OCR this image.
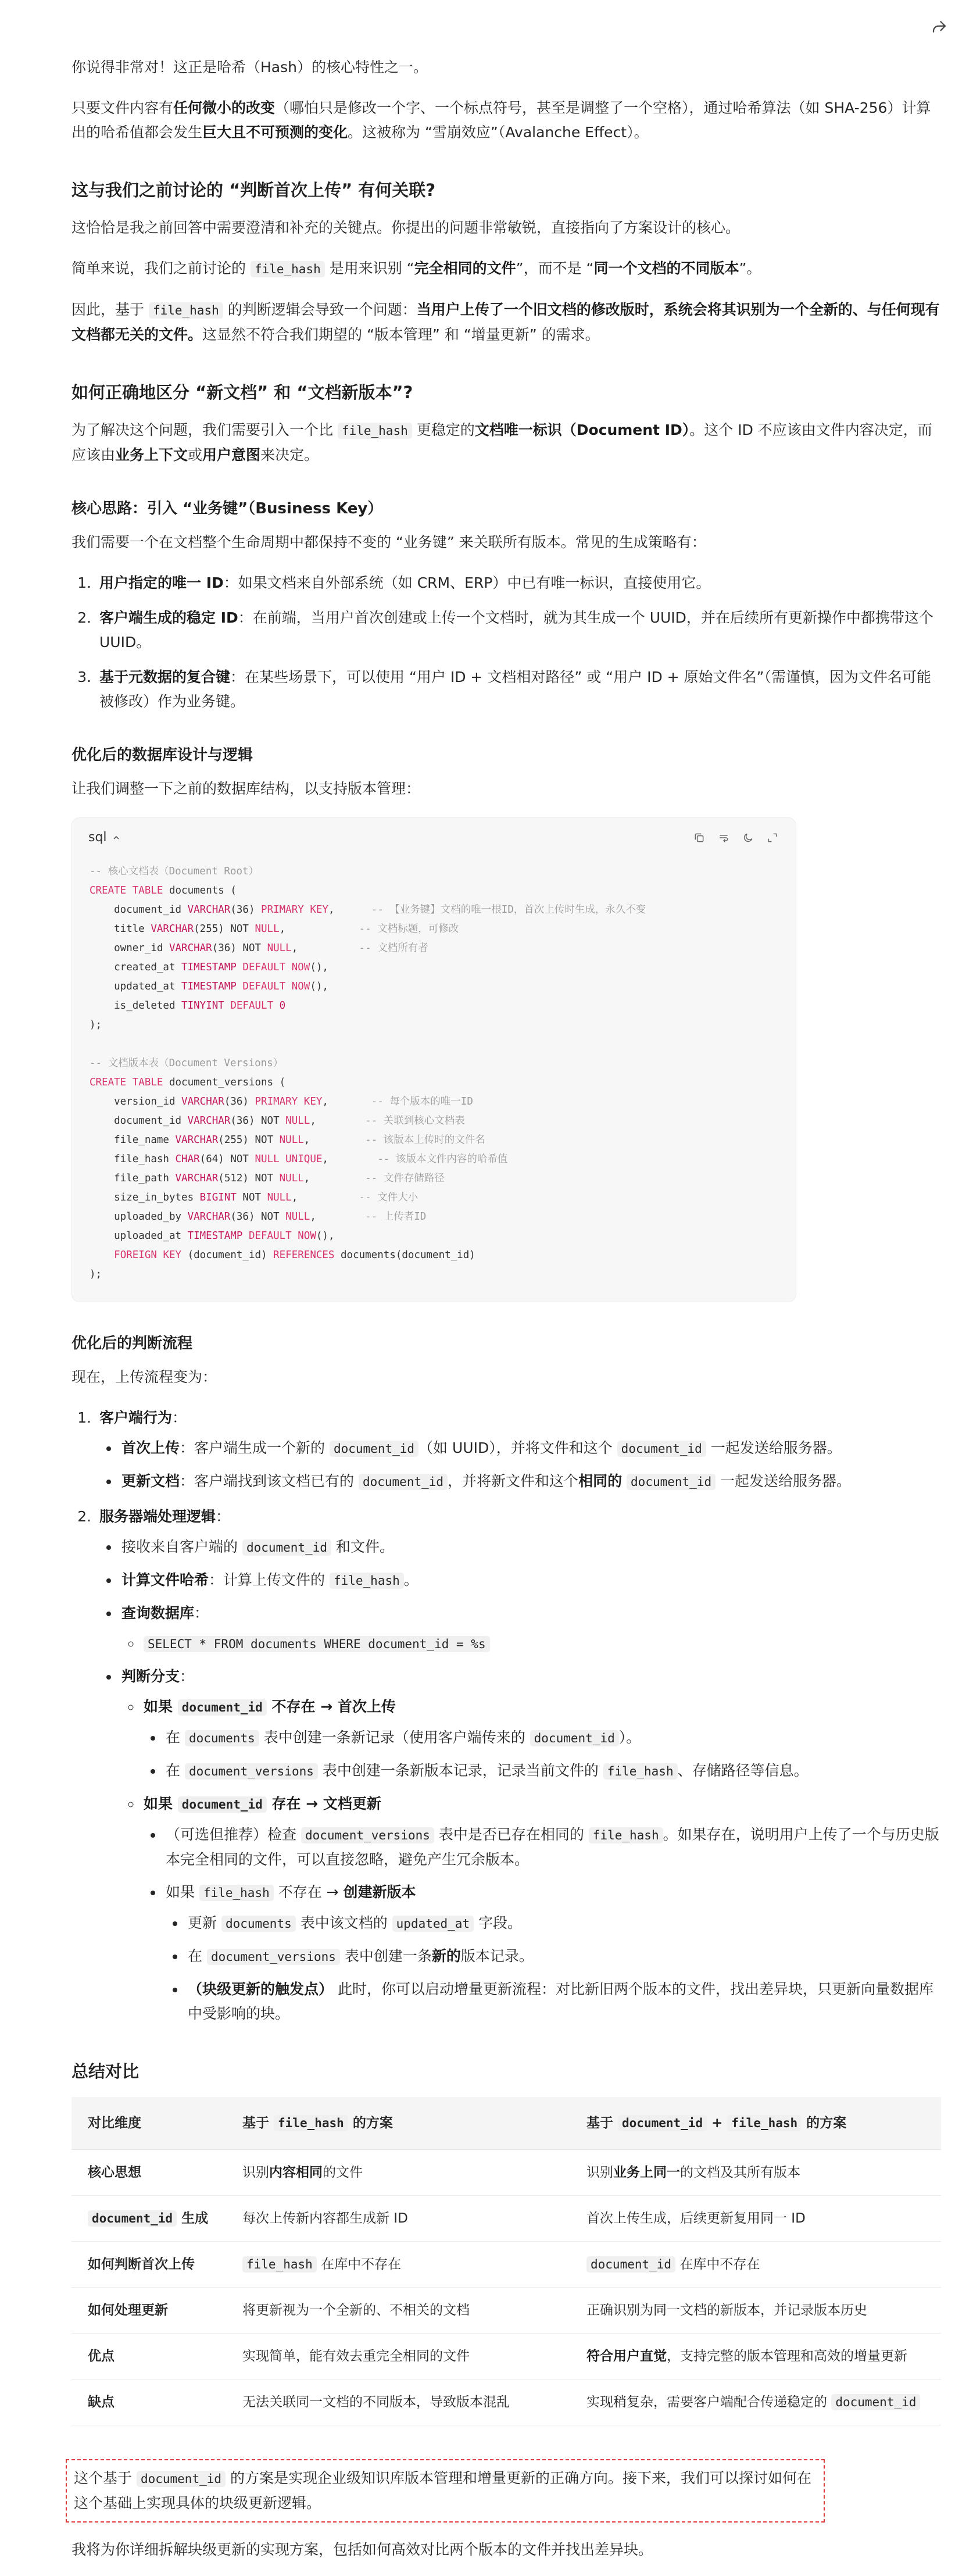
你说得非常对！这正是哈希（Hash）的核心特性之一。

只要文件内容有任何微小的改变（哪怕只是修改一个字、一个标点符号，甚至是调整了一个空格），通过哈希算法（如 SHA-256）计算出的哈希值都会发生巨大且不可预测的变化。这被称为 “雪崩效应”（Avalanche Effect）。

这与我们之前讨论的 “判断首次上传” 有何关联?

这恰恰是我之前回答中需要澄清和补充的关键点。你提出的问题非常敏锐，直接指向了方案设计的核心。

简单来说，我们之前讨论的 file_hash 是用来识别 “完全相同的文件”，而不是 “同一个文档的不同版本”。

因此，基于 file_hash 的判断逻辑会导致一个问题：当用户上传了一个旧文档的修改版时，系统会将其识别为一个全新的、与任何现有文档都无关的文件。这显然不符合我们期望的 “版本管理” 和 “增量更新” 的需求。

如何正确地区分 “新文档” 和 “文档新版本”?

为了解决这个问题，我们需要引入一个比 file_hash 更稳定的文档唯一标识（Document ID）。这个 ID 不应该由文件内容决定，而应该由业务上下文或用户意图来决定。

核心思路：引入 “业务键”（Business Key）

我们需要一个在文档整个生命周期中都保持不变的 “业务键” 来关联所有版本。常见的生成策略有：

1. 用户指定的唯一 ID：如果文档来自外部系统（如 CRM、ERP）中已有唯一标识，直接使用它。
2. 客户端生成的稳定 ID：在前端，当用户首次创建或上传一个文档时，就为其生成一个 UUID，并在后续所有更新操作中都携带这个 UUID。
3. 基于元数据的复合键：在某些场景下，可以使用 “用户 ID + 文档相对路径” 或 “用户 ID + 原始文件名”（需谨慎，因为文件名可能被修改）作为业务键。
优化后的数据库设计与逻辑

让我们调整一下之前的数据库结构，以支持版本管理：

sql
-- 核心文档表（Document Root）
CREATE TABLE documents (
document_id VARCHAR(36) PRIMARY KEY,      -- 【业务键】文档的唯一根ID，首次上传时生成，永久不变
title VARCHAR(255) NOT NULL,            -- 文档标题，可修改
owner_id VARCHAR(36) NOT NULL,          -- 文档所有者
created_at TIMESTAMP DEFAULT NOW(),
updated_at TIMESTAMP DEFAULT NOW(),
is_deleted TINYINT DEFAULT 0
);

-- 文档版本表（Document Versions）
CREATE TABLE document_versions (
version_id VARCHAR(36) PRIMARY KEY,       -- 每个版本的唯一ID
document_id VARCHAR(36) NOT NULL,        -- 关联到核心文档表
file_name VARCHAR(255) NOT NULL,         -- 该版本上传时的文件名
file_hash CHAR(64) NOT NULL UNIQUE,        -- 该版本文件内容的哈希值
file_path VARCHAR(512) NOT NULL,         -- 文件存储路径
size_in_bytes BIGINT NOT NULL,          -- 文件大小
uploaded_by VARCHAR(36) NOT NULL,        -- 上传者ID
uploaded_at TIMESTAMP DEFAULT NOW(),
FOREIGN KEY (document_id) REFERENCES documents(document_id)
);
优化后的判断流程

现在，上传流程变为：

1. 客户端行为：
• 首次上传：客户端生成一个新的 document_id （如 UUID），并将文件和这个 document_id 一起发送给服务器。
• 更新文档：客户端找到该文档已有的 document_id ，并将新文件和这个相同的 document_id 一起发送给服务器。
2. 服务器端处理逻辑：
• 接收来自客户端的 document_id 和文件。
• 计算文件哈希：计算上传文件的 file_hash 。
• 查询数据库：
◦ SELECT * FROM documents WHERE document_id = %s
• 判断分支：
◦ 如果 document_id 不存在 → 首次上传
• 在 documents 表中创建一条新记录（使用客户端传来的 document_id ）。
• 在 document_versions 表中创建一条新版本记录，记录当前文件的 file_hash 、存储路径等信息。
◦ 如果 document_id 存在 → 文档更新
• （可选但推荐）检查 document_versions 表中是否已存在相同的 file_hash 。如果存在，说明用户上传了一个与历史版本完全相同的文件，可以直接忽略，避免产生冗余版本。
• 如果 file_hash 不存在 → 创建新版本
• 更新 documents 表中该文档的 updated_at 字段。
• 在 document_versions 表中创建一条新的版本记录。
• （块级更新的触发点） 此时，你可以启动增量更新流程：对比新旧两个版本的文件，找出差异块，只更新向量数据库中受影响的块。
总结对比
对比维度	基于 file_hash 的方案	基于 document_id + file_hash 的方案
核心思想	识别内容相同的文件	识别业务上同一的文档及其所有版本
document_id 生成	每次上传新内容都生成新 ID	首次上传生成，后续更新复用同一 ID
如何判断首次上传	file_hash 在库中不存在	document_id 在库中不存在
如何处理更新	将更新视为一个全新的、不相关的文档	正确识别为同一文档的新版本，并记录版本历史
优点	实现简单，能有效去重完全相同的文件	符合用户直觉，支持完整的版本管理和高效的增量更新
缺点	无法关联同一文档的不同版本，导致版本混乱	实现稍复杂，需要客户端配合传递稳定的 document_id
这个基于 document_id 的方案是实现企业级知识库版本管理和增量更新的正确方向。接下来，我们可以探讨如何在这个基础上实现具体的块级更新逻辑。

我将为你详细拆解块级更新的实现方案，包括如何高效对比两个版本的文件并找出差异块。
